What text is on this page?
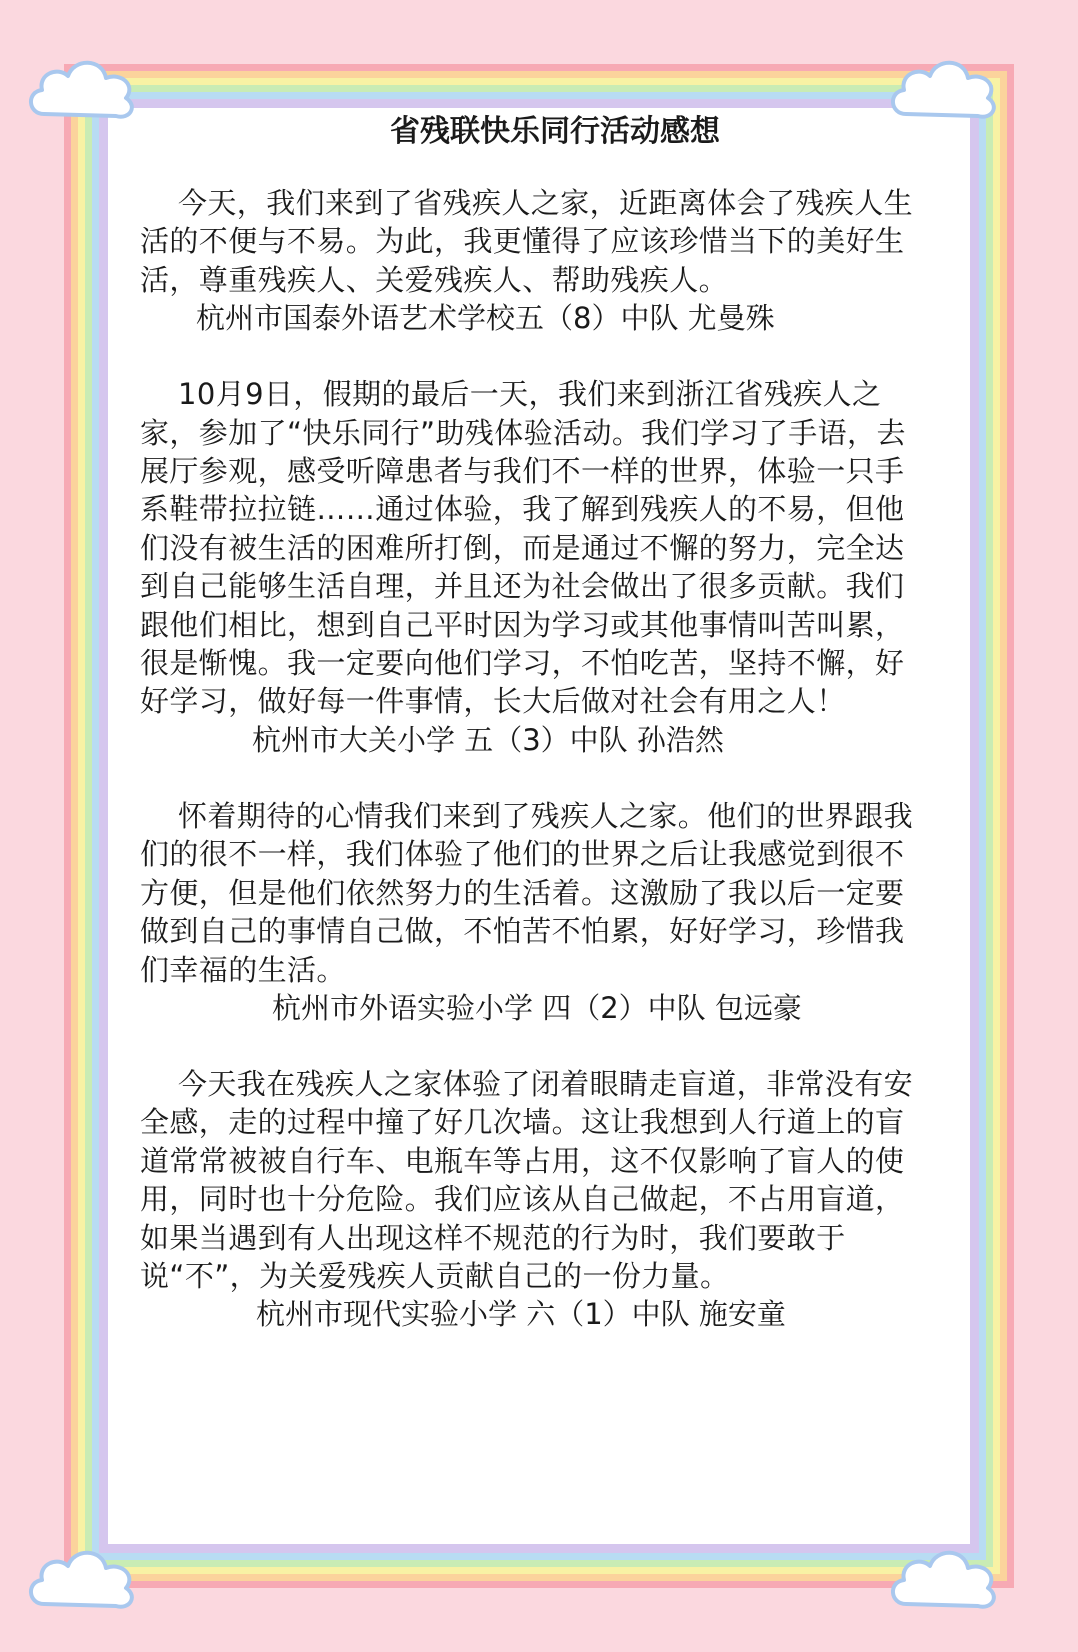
省残联快乐同行活动感想

今天，我们来到了省残疾人之家，近距离体会了残疾人生活的不便与不易。为此，我更懂得了应该珍惜当下的美好生活，尊重残疾人、关爱残疾人、帮助残疾人。

杭州市国泰外语艺术学校五（8）中队 尤曼殊

10月9日，假期的最后一天，我们来到浙江省残疾人之家，参加了“快乐同行”助残体验活动。我们学习了手语，去展厅参观，感受听障患者与我们不一样的世界，体验一只手系鞋带拉拉链……通过体验，我了解到残疾人的不易，但他们没有被生活的困难所打倒，而是通过不懈的努力，完全达到自己能够生活自理，并且还为社会做出了很多贡献。我们跟他们相比，想到自己平时因为学习或其他事情叫苦叫累，很是惭愧。我一定要向他们学习，不怕吃苦，坚持不懈，好好学习，做好每一件事情，长大后做对社会有用之人！

杭州市大关小学 五（3）中队 孙浩然

怀着期待的心情我们来到了残疾人之家。他们的世界跟我们的很不一样，我们体验了他们的世界之后让我感觉到很不方便，但是他们依然努力的生活着。这激励了我以后一定要做到自己的事情自己做，不怕苦不怕累，好好学习，珍惜我们幸福的生活。

杭州市外语实验小学 四（2）中队 包远豪

今天我在残疾人之家体验了闭着眼睛走盲道，非常没有安全感，走的过程中撞了好几次墙。这让我想到人行道上的盲道常常被被自行车、电瓶车等占用，这不仅影响了盲人的使用，同时也十分危险。我们应该从自己做起，不占用盲道，如果当遇到有人出现这样不规范的行为时，我们要敢于说“不”，为关爱残疾人贡献自己的一份力量。

杭州市现代实验小学 六（1）中队 施安童
